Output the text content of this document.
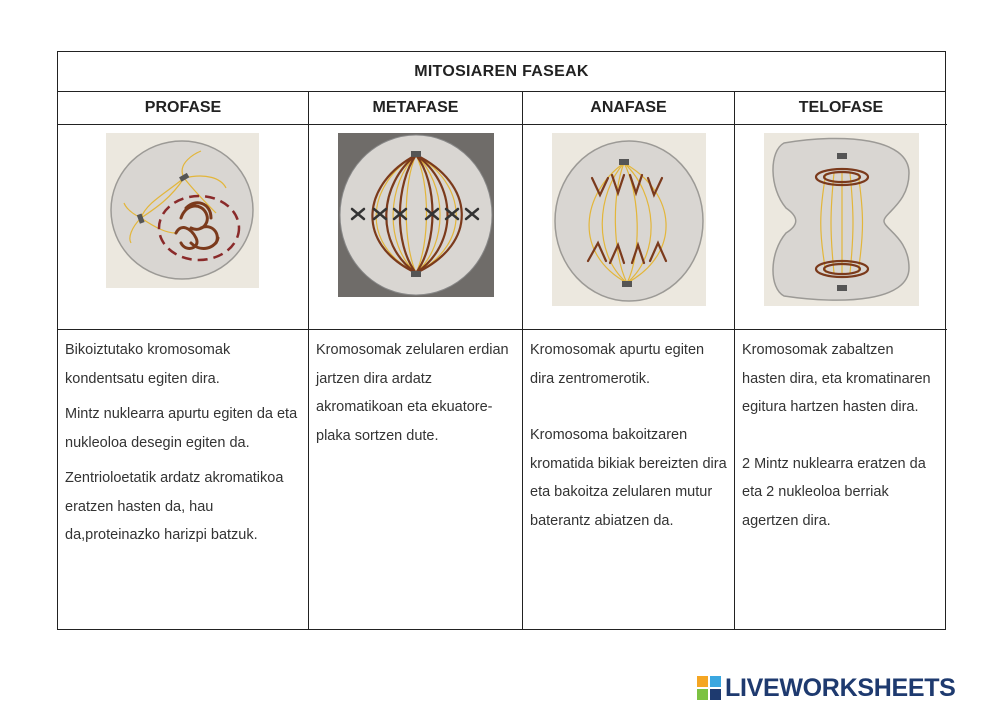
MITOSIAREN FASEAK
PROFASE

Bikoiztutako kromosomak kondentsatu egiten dira.

Mintz nuklearra apurtu egiten da eta nukleoloa desegin egiten da.

Zentrioloetatik ardatz akromatikoa eratzen hasten da, hau da,proteinazko harizpi batzuk.

METAFASE

Kromosomak zelularen erdian jartzen dira ardatz akromatikoan eta ekuatore-plaka sortzen dute.

ANAFASE

Kromosomak apurtu egiten dira zentromerotik.

Kromosoma bakoitzaren kromatida bikiak bereizten dira eta bakoitza zelularen mutur baterantz abiatzen da.

TELOFASE

Kromosomak zabaltzen hasten dira, eta kromatinaren egitura hartzen hasten dira.

2 Mintz nuklearra eratzen da eta 2 nukleoloa berriak agertzen dira.

LIVEWORKSHEETS
